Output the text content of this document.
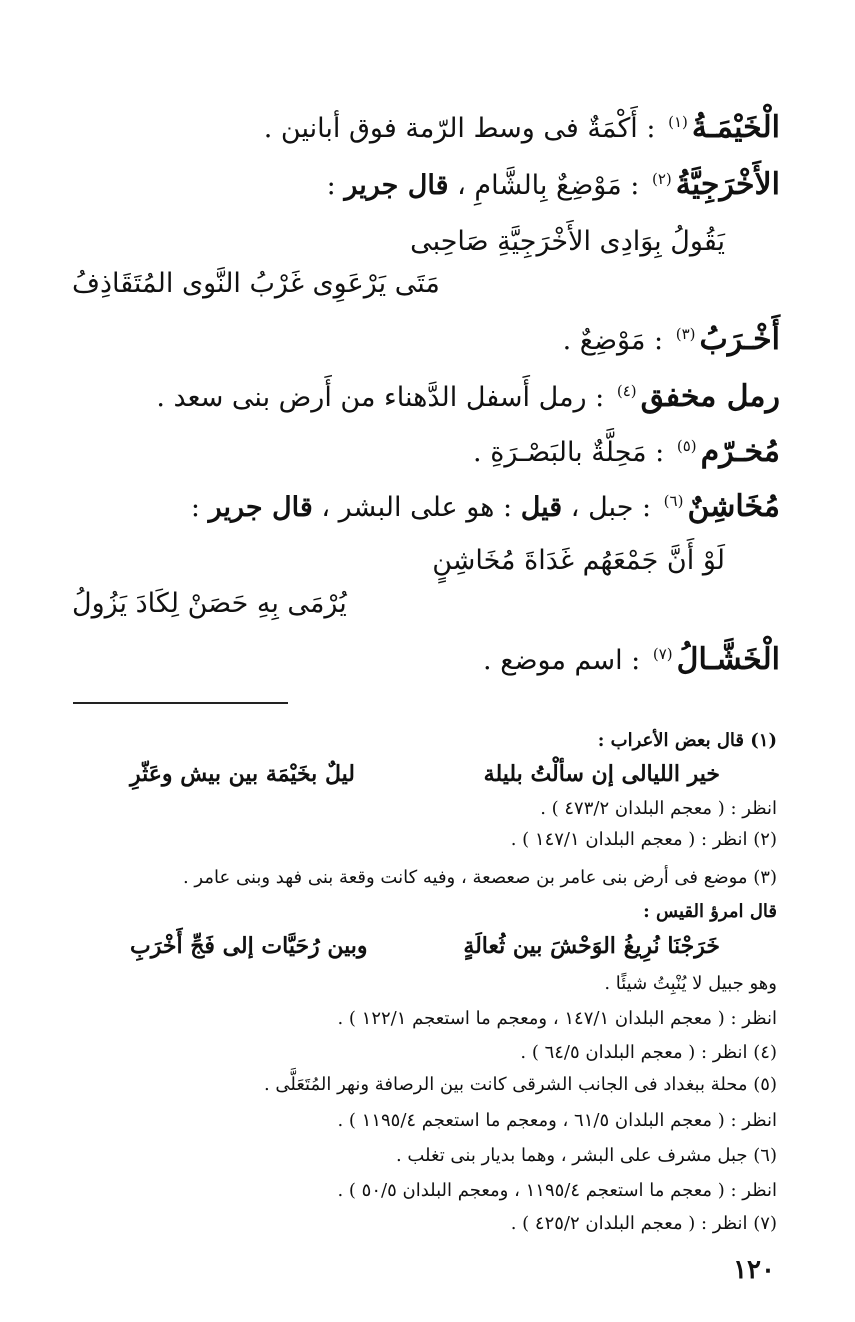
الْخَيْمَـةُ$^{(١)}$ : أَكْمَةٌ فى وسط الرّمة فوق أبانين .
الأَخْرَجِيَّةُ$^{(٢)}$ : مَوْضِعٌ بِالشَّامِ ، قال جرير :
يَقُولُ بِوَادِى الأَخْرَجِيَّةِ صَاحِبى
مَتَى يَرْعَوِى غَرْبُ النَّوى المُتَقَاذِفُ
أَخْـرَبُ$^{(٣)}$ : مَوْضِعٌ .
رمل مخفق$^{(٤)}$ : رمل أَسفل الدَّهناء من أَرض بنى سعد .
مُخـرّم$^{(٥)}$ : مَحِلَّةٌ بالبَصْـرَةِ .
مُخَاشِنٌ$^{(٦)}$ : جبل ، قيل : هو على البشر ، قال جرير :
لَوْ أَنَّ جَمْعَهُم غَدَاةَ مُخَاشِنٍ
يُرْمَى بِهِ حَصَنْ لِكَادَ يَزُولُ
الْخَشَّـالُ$^{(٧)}$ : اسم موضع .
(١) قال بعض الأعراب :
خير الليالى إن سألْتُ بليلة
ليلٌ بخَيْمَة بين بيش وعَثّرِ
انظر : ( معجم البلدان ٤٧٣/٢ ) .
(٢) انظر : ( معجم البلدان ١٤٧/١ ) .
(٣) موضع فى أرض بنى عامر بن صعصعة ، وفيه كانت وقعة بنى فهد وبنى عامر .
قال امرؤ القيس :
خَرَجْنَا نُرِيغُ الوَحْشَ بين ثُعالَةٍ
وبين رُحَيَّات إلى فَجِّ أَخْرَبِ
وهو جبيل لا يُنْبِتُ شيئًا .
انظر : ( معجم البلدان ١٤٧/١ ، ومعجم ما استعجم ١٢٢/١ ) .
(٤) انظر : ( معجم البلدان ٦٤/٥ ) .
(٥) محلة ببغداد فى الجانب الشرقى كانت بين الرصافة ونهر المُتَعَلَّى .
انظر : ( معجم البلدان ٦١/٥ ، ومعجم ما استعجم ١١٩٥/٤ ) .
(٦) جبل مشرف على البشر ، وهما بديار بنى تغلب .
انظر : ( معجم ما استعجم ١١٩٥/٤ ، ومعجم البلدان ٥٠/٥ ) .
(٧) انظر : ( معجم البلدان ٤٢٥/٢ ) .
١٢٠
